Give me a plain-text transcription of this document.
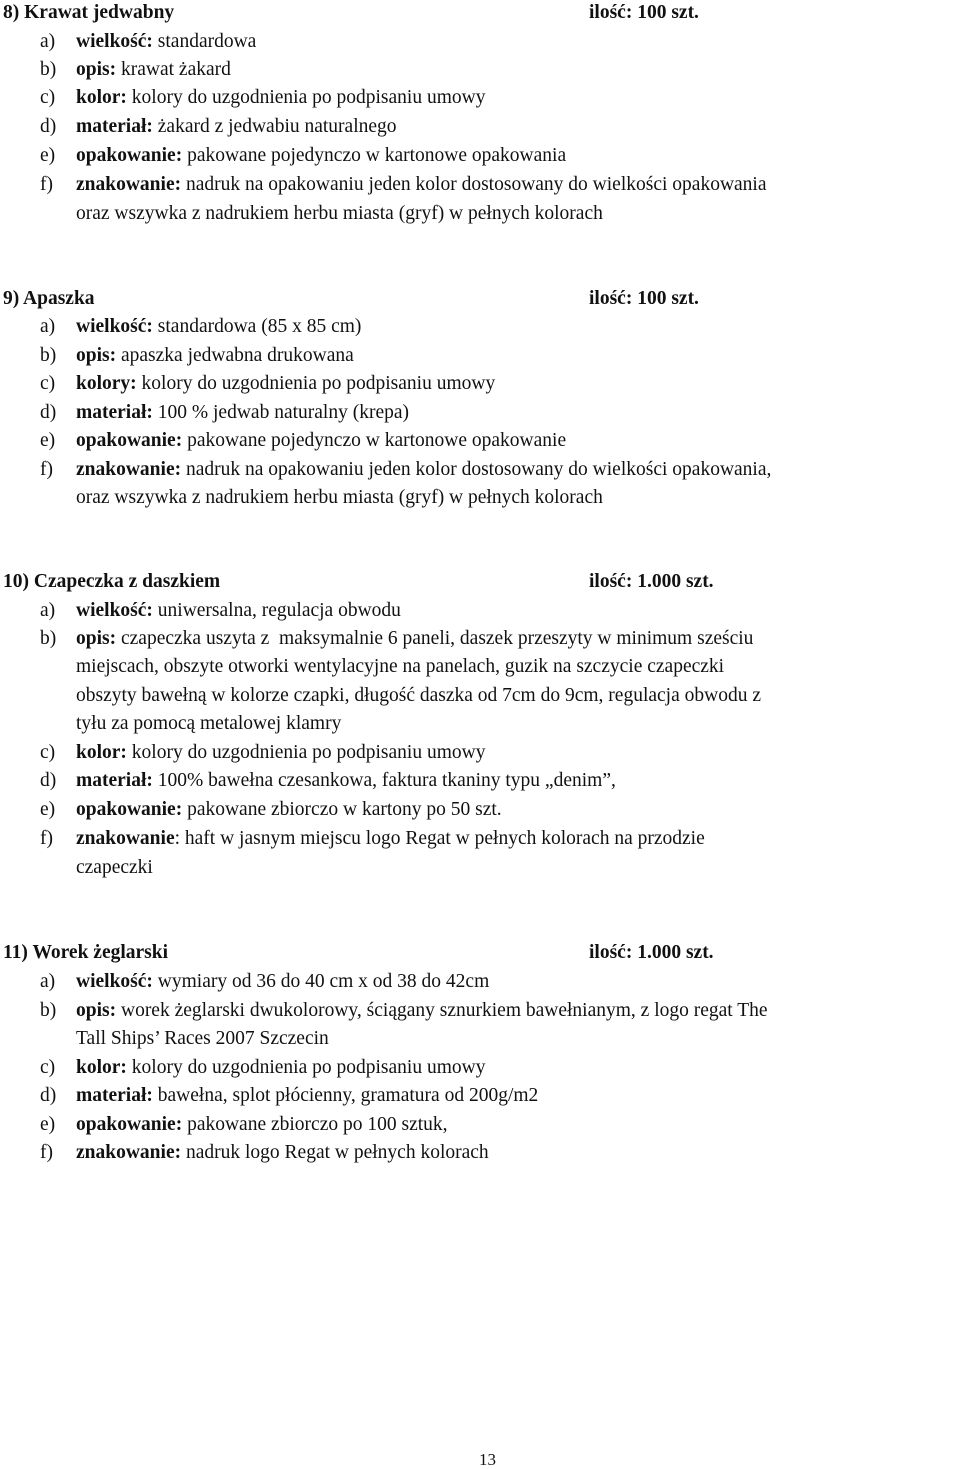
8) Krawat jedwabny	ilość: 100 szt.
a) wielkość: standardowa
b) opis: krawat żakard
c) kolor: kolory do uzgodnienia po podpisaniu umowy
d) materiał: żakard z jedwabiu naturalnego
e) opakowanie: pakowane pojedynczo w kartonowe opakowania
f) znakowanie: nadruk na opakowaniu jeden kolor dostosowany do wielkości opakowania
oraz wszywka z nadrukiem herbu miasta (gryf) w pełnych kolorach
9) Apaszka	ilość: 100 szt.
a) wielkość: standardowa (85 x 85 cm)
b) opis: apaszka jedwabna drukowana
c) kolory: kolory do uzgodnienia po podpisaniu umowy
d) materiał: 100 % jedwab naturalny (krepa)
e) opakowanie: pakowane pojedynczo w kartonowe opakowanie
f) znakowanie: nadruk na opakowaniu jeden kolor dostosowany do wielkości opakowania,
oraz wszywka z nadrukiem herbu miasta (gryf) w pełnych kolorach
10) Czapeczka z daszkiem	ilość: 1.000 szt.
a) wielkość: uniwersalna, regulacja obwodu
b) opis: czapeczka uszyta z  maksymalnie 6 paneli, daszek przeszyty w minimum sześciu
miejscach, obszyte otworki wentylacyjne na panelach, guzik na szczycie czapeczki
obszyty bawełną w kolorze czapki, długość daszka od 7cm do 9cm, regulacja obwodu z
tyłu za pomocą metalowej klamry
c) kolor: kolory do uzgodnienia po podpisaniu umowy
d) materiał: 100% bawełna czesankowa, faktura tkaniny typu „denim”,
e) opakowanie: pakowane zbiorczo w kartony po 50 szt.
f) znakowanie: haft w jasnym miejscu logo Regat w pełnych kolorach na przodzie
czapeczki
11) Worek żeglarski	ilość: 1.000 szt.
a) wielkość: wymiary od 36 do 40 cm x od 38 do 42cm
b) opis: worek żeglarski dwukolorowy, ściągany sznurkiem bawełnianym, z logo regat The
Tall Ships’ Races 2007 Szczecin
c) kolor: kolory do uzgodnienia po podpisaniu umowy
d) materiał: bawełna, splot płócienny, gramatura od 200g/m2
e) opakowanie: pakowane zbiorczo po 100 sztuk,
f) znakowanie: nadruk logo Regat w pełnych kolorach
13
